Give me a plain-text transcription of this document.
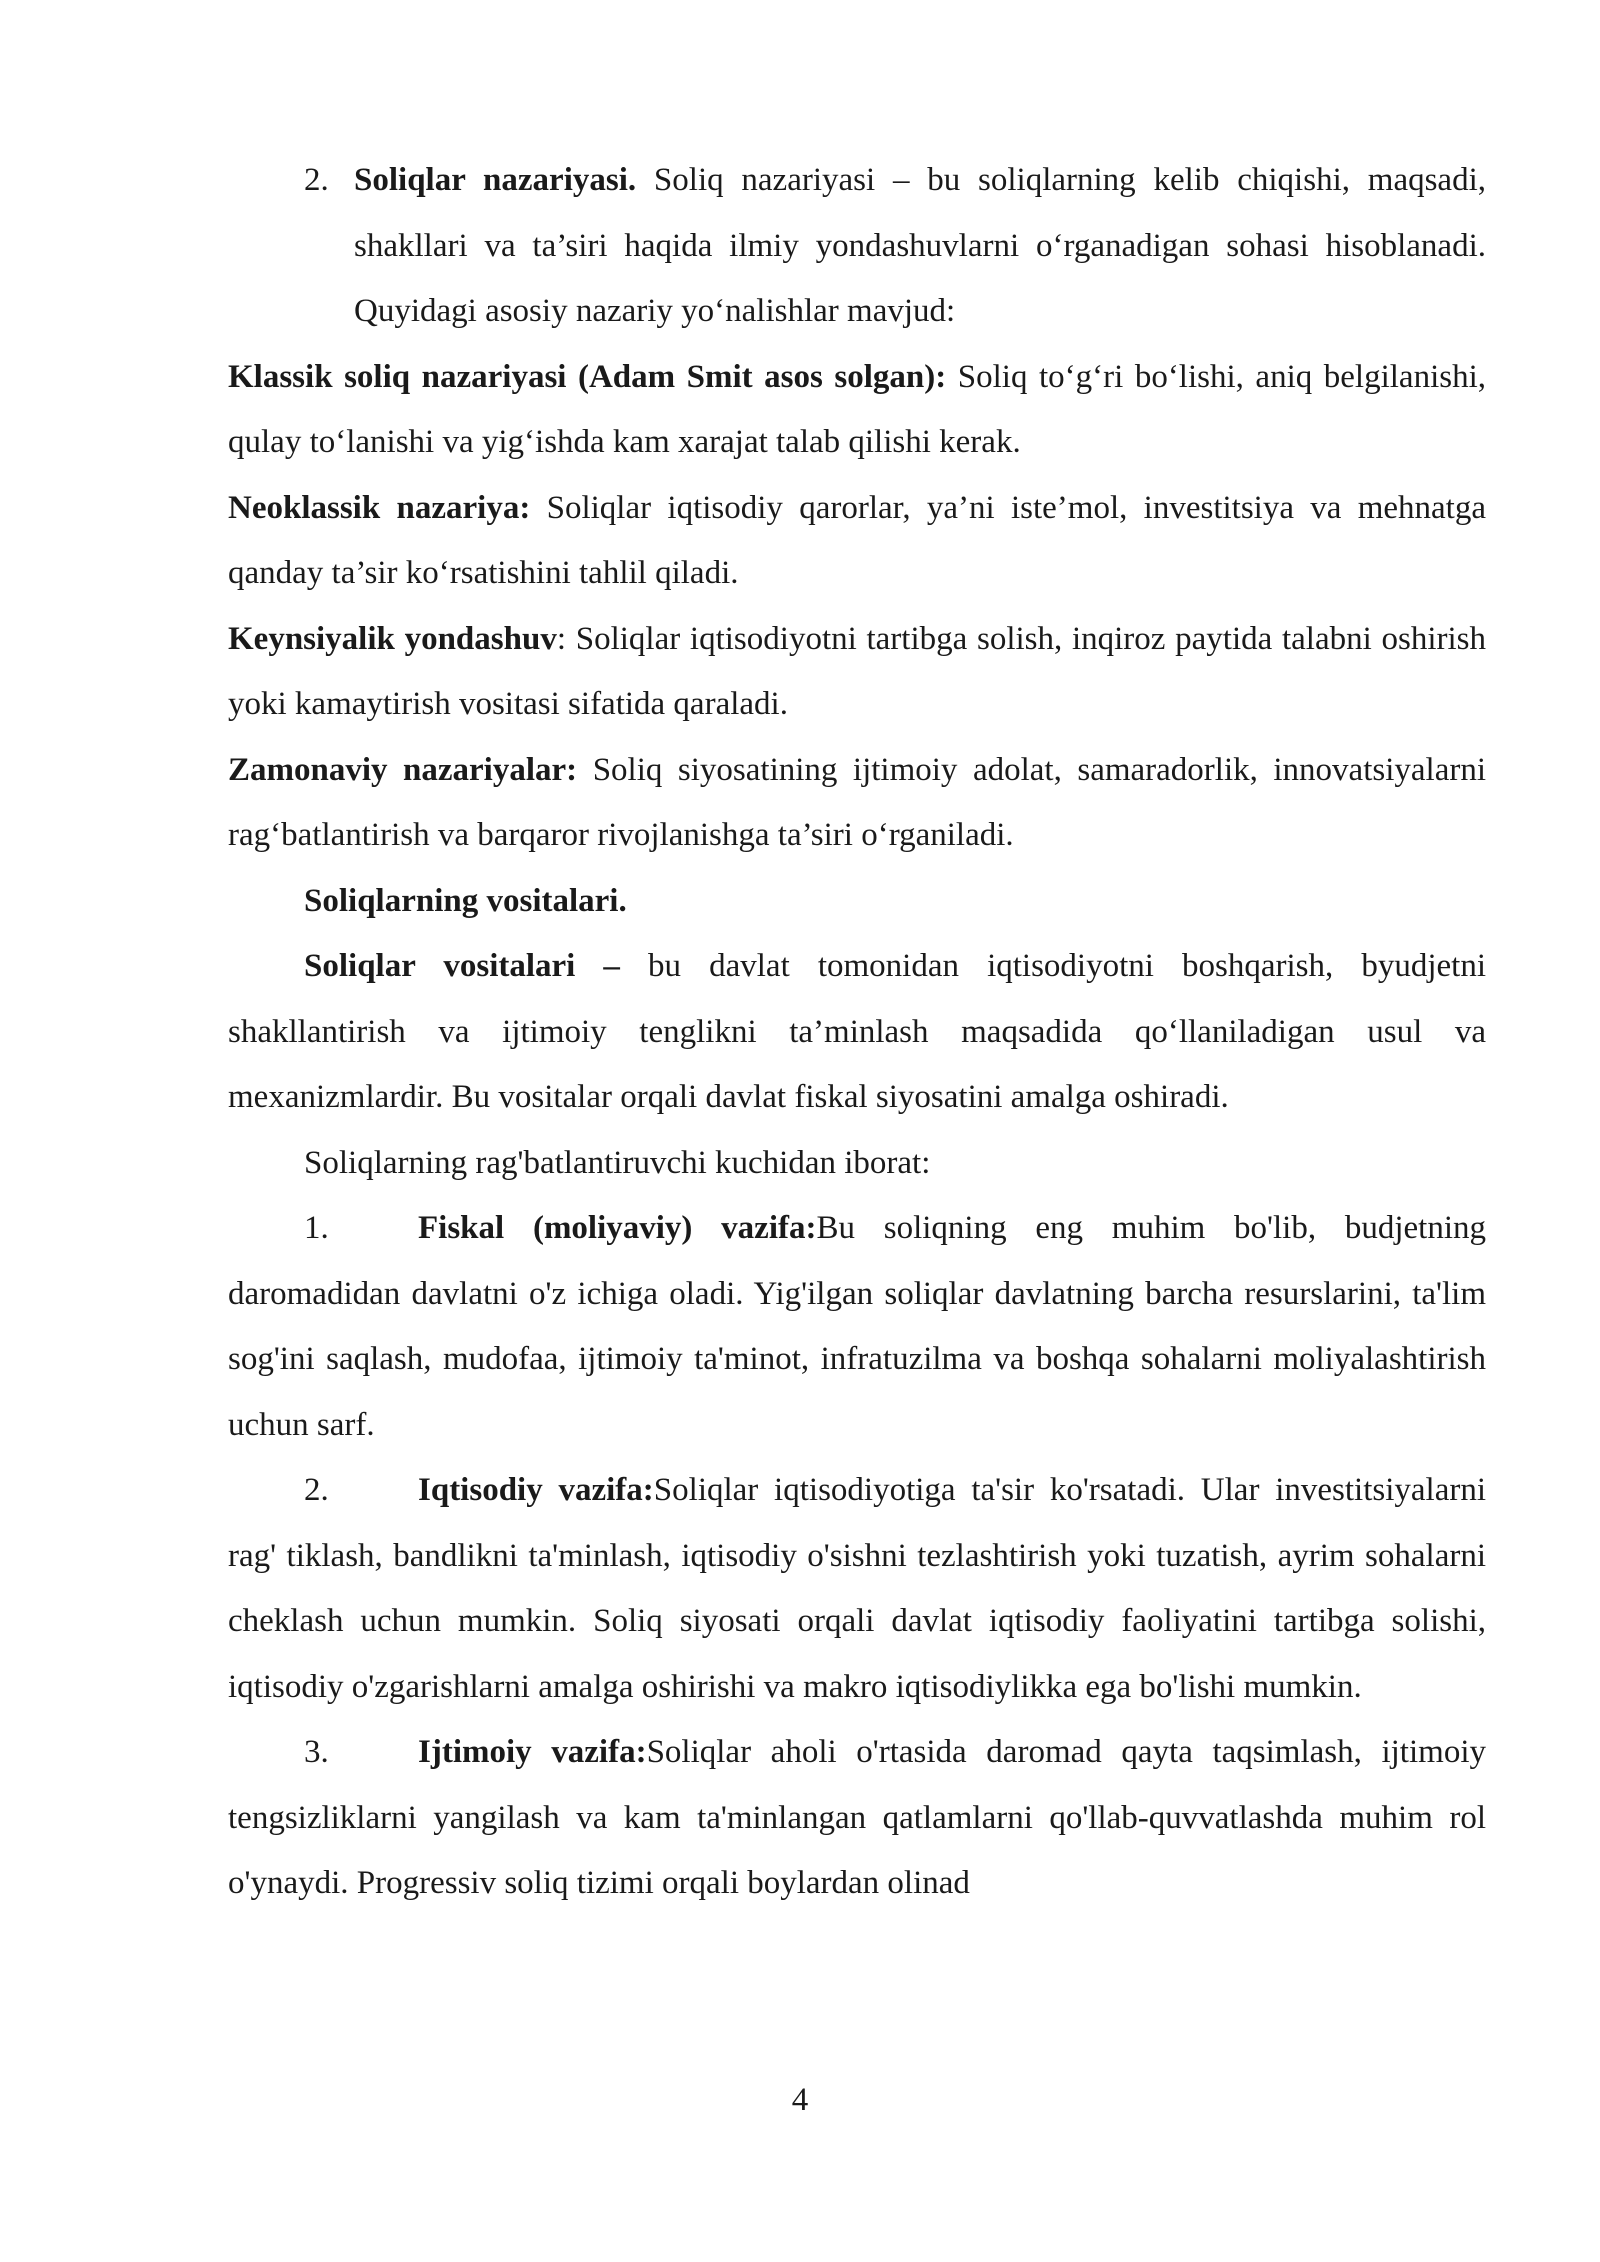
2. Soliqlar nazariyasi. Soliq nazariyasi – bu soliqlarning kelib chiqishi, maqsadi, shakllari va ta’siri haqida ilmiy yondashuvlarni o‘rganadigan sohasi hisoblanadi. Quyidagi asosiy nazariy yo‘nalishlar mavjud:

Klassik soliq nazariyasi (Adam Smit asos solgan): Soliq to‘g‘ri bo‘lishi, aniq belgilanishi, qulay to‘lanishi va yig‘ishda kam xarajat talab qilishi kerak.

Neoklassik nazariya: Soliqlar iqtisodiy qarorlar, ya’ni iste’mol, investitsiya va mehnatga qanday ta’sir ko‘rsatishini tahlil qiladi.

Keynsiyalik yondashuv: Soliqlar iqtisodiyotni tartibga solish, inqiroz paytida talabni oshirish yoki kamaytirish vositasi sifatida qaraladi.

Zamonaviy nazariyalar: Soliq siyosatining ijtimoiy adolat, samaradorlik, innovatsiyalarni rag‘batlantirish va barqaror rivojlanishga ta’siri o‘rganiladi.

Soliqlarning vositalari.

Soliqlar vositalari – bu davlat tomonidan iqtisodiyotni boshqarish, byudjetni shakllantirish va ijtimoiy tenglikni ta’minlash maqsadida qo‘llaniladigan usul va mexanizmlardir. Bu vositalar orqali davlat fiskal siyosatini amalga oshiradi.

Soliqlarning rag'batlantiruvchi kuchidan iborat:

1.	Fiskal (moliyaviy) vazifa:Bu soliqning eng muhim bo'lib, budjetning daromadidan davlatni o'z ichiga oladi. Yig'ilgan soliqlar davlatning barcha resurslarini, ta'lim sog'ini saqlash, mudofaa, ijtimoiy ta'minot, infratuzilma va boshqa sohalarni moliyalashtirish uchun sarf.

2.	Iqtisodiy vazifa:Soliqlar iqtisodiyotiga ta'sir ko'rsatadi. Ular investitsiyalarni rag' tiklash, bandlikni ta'minlash, iqtisodiy o'sishni tezlashtirish yoki tuzatish, ayrim sohalarni cheklash uchun mumkin. Soliq siyosati orqali davlat iqtisodiy faoliyatini tartibga solishi, iqtisodiy o'zgarishlarni amalga oshirishi va makro iqtisodiylikka ega bo'lishi mumkin.

3.	Ijtimoiy vazifa:Soliqlar aholi o'rtasida daromad qayta taqsimlash, ijtimoiy tengsizliklarni yangilash va kam ta'minlangan qatlamlarni qo'llab-quvvatlashda muhim rol o'ynaydi. Progressiv soliq tizimi orqali boylardan olinad

4
